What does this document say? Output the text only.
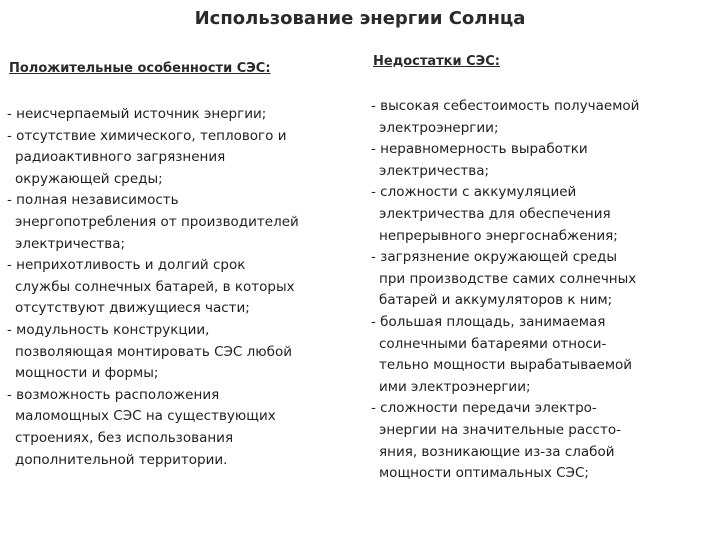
Использование энергии Солнца
Положительные особенности СЭС:	Недостатки СЭС:
- неисчерпаемый источник энергии;
- отсутствие химического, теплового и
радиоактивного загрязнения
окружающей среды;
- полная независимость
энергопотребления от производителей
электричества;
- неприхотливость и долгий срок
службы солнечных батарей, в которых
отсутствуют движущиеся части;
- модульность конструкции,
позволяющая монтировать СЭС любой
мощности и формы;
- возможность расположения
маломощных СЭС на существующих
строениях, без использования
дополнительной территории.
- высокая себестоимость получаемой
электроэнергии;
- неравномерность выработки
электричества;
- сложности с аккумуляцией
электричества для обеспечения
непрерывного энергоснабжения;
- загрязнение окружающей среды
при производстве самих солнечных
батарей и аккумуляторов к ним;
- большая площадь, занимаемая
солнечными батареями относи-
тельно мощности вырабатываемой
ими электроэнергии;
- сложности передачи электро-
энергии на значительные рассто-
яния, возникающие из-за слабой
мощности оптимальных СЭС;
